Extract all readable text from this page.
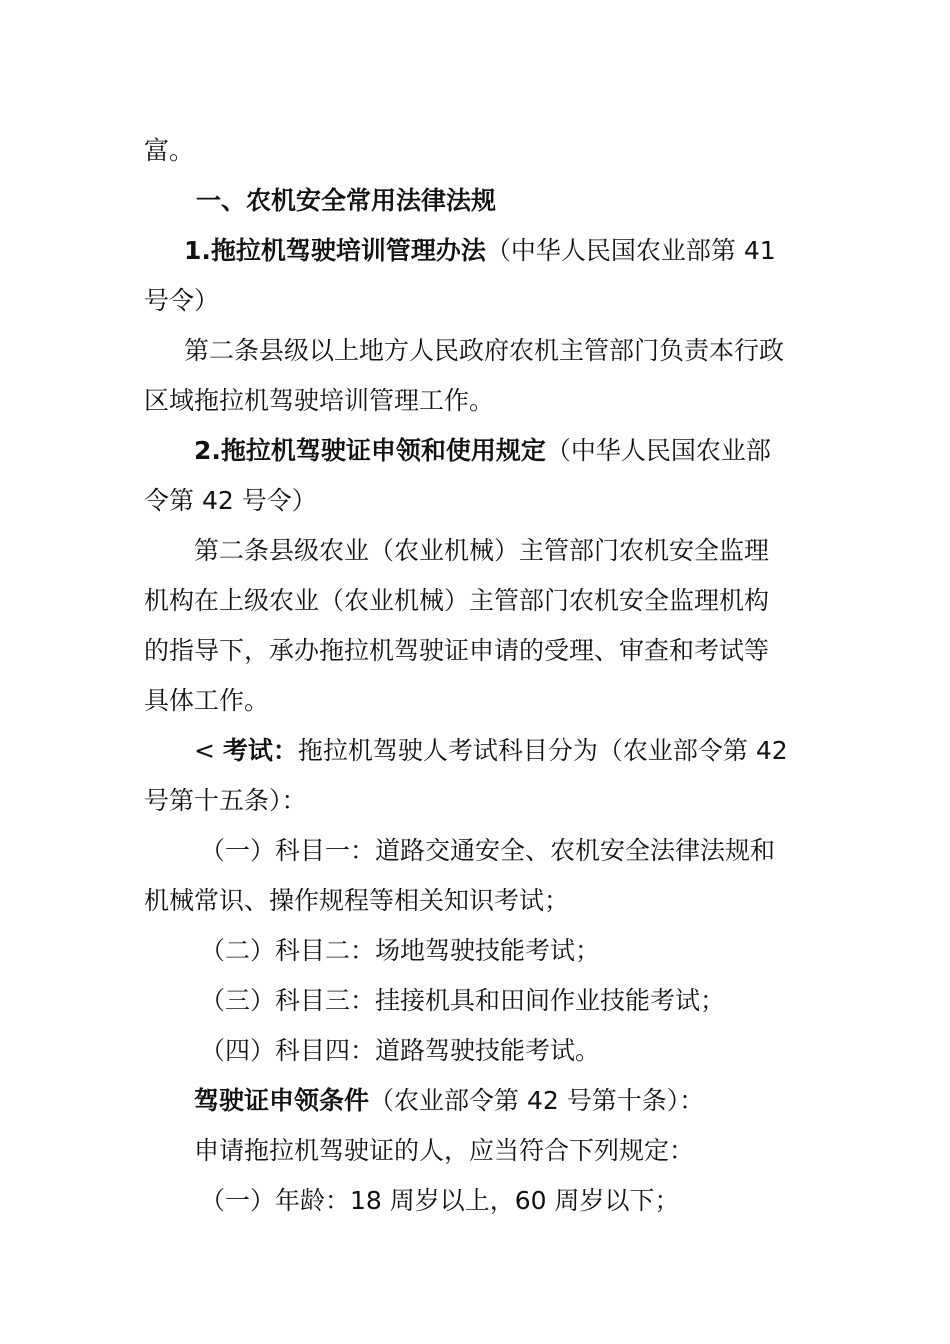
富。
一、农机安全常用法律法规
1.拖拉机驾驶培训管理办法（中华人民国农业部第 41
号令）
第二条县级以上地方人民政府农机主管部门负责本行政
区域拖拉机驾驶培训管理工作。
2.拖拉机驾驶证申领和使用规定（中华人民国农业部
令第 42 号令）
第二条县级农业（农业机械）主管部门农机安全监理
机构在上级农业（农业机械）主管部门农机安全监理机构
的指导下，承办拖拉机驾驶证申请的受理、审查和考试等
具体工作。
< 考试：拖拉机驾驶人考试科目分为（农业部令第 42
号第十五条）：
（一）科目一：道路交通安全、农机安全法律法规和
机械常识、操作规程等相关知识考试；
（二）科目二：场地驾驶技能考试；
（三）科目三：挂接机具和田间作业技能考试；
（四）科目四：道路驾驶技能考试。
驾驶证申领条件（农业部令第 42 号第十条）：
申请拖拉机驾驶证的人，应当符合下列规定：
（一）年龄：18 周岁以上，60 周岁以下；
